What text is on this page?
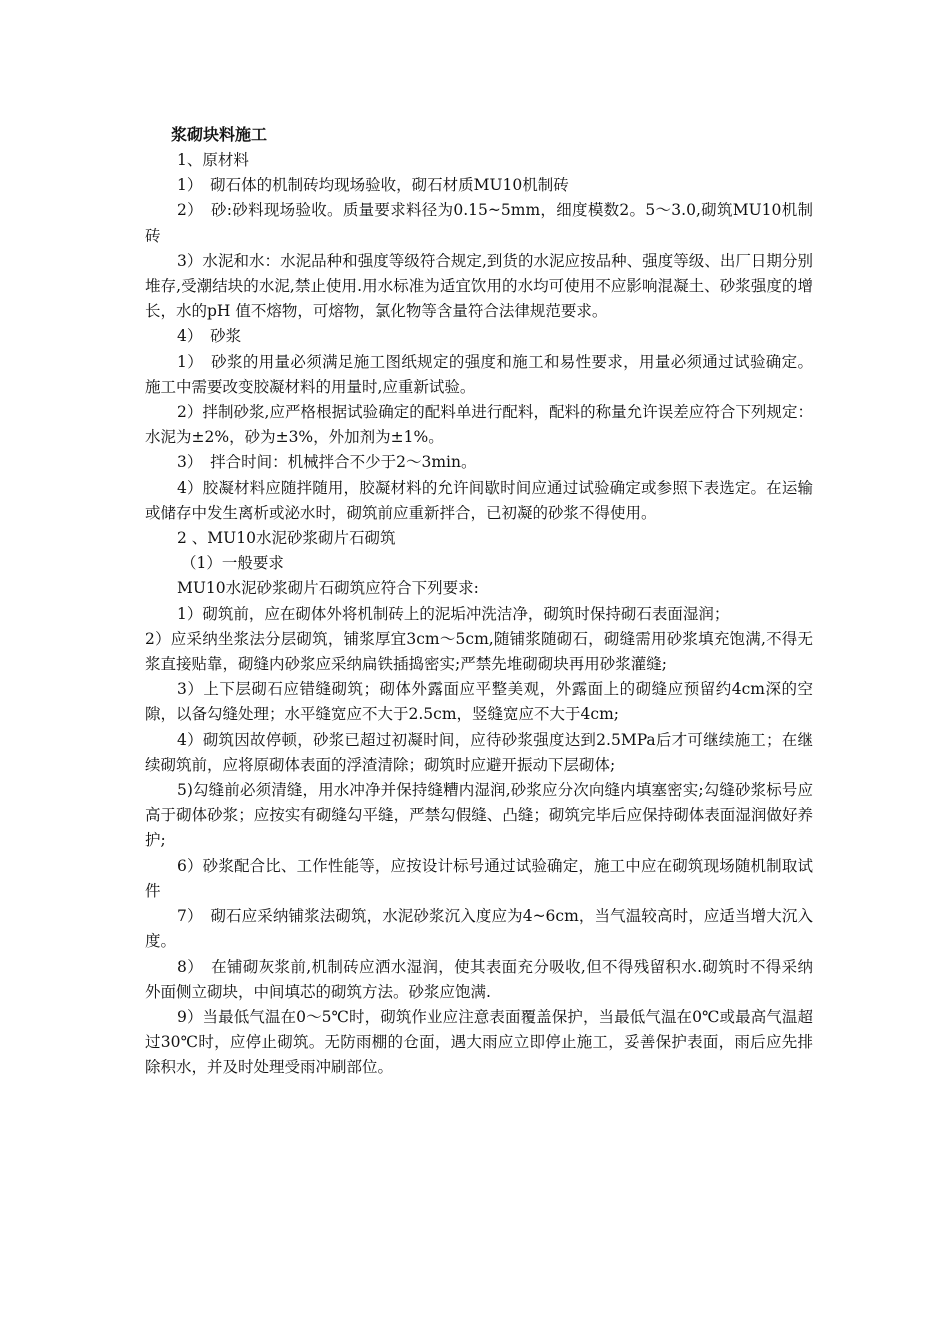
浆砌块料施工

1、原材料

1）　砌石体的机制砖均现场验收，砌石材质MU10机制砖

2）　砂:砂料现场验收。质量要求料径为0.15~5mm，细度模数2。5～3.0,砌筑MU10机制砖

3）水泥和水：水泥品种和强度等级符合规定,到货的水泥应按品种、强度等级、出厂日期分别堆存,受潮结块的水泥,禁止使用.用水标准为适宜饮用的水均可使用不应影响混凝土、砂浆强度的增长，水的pH 值不熔物，可熔物，氯化物等含量符合法律规范要求。

4）　砂浆

1）　砂浆的用量必须满足施工图纸规定的强度和施工和易性要求，用量必须通过试验确定。施工中需要改变胶凝材料的用量时,应重新试验。

2）拌制砂浆,应严格根据试验确定的配料单进行配料，配料的称量允许误差应符合下列规定：水泥为±2%，砂为±3%，外加剂为±1%。

3）　拌合时间：机械拌合不少于2～3min。

4）胶凝材料应随拌随用，胶凝材料的允许间歇时间应通过试验确定或参照下表选定。在运输或储存中发生离析或泌水时，砌筑前应重新拌合，已初凝的砂浆不得使用。

2 、MU10水泥砂浆砌片石砌筑

（1）一般要求

MU10水泥砂浆砌片石砌筑应符合下列要求:

1）砌筑前，应在砌体外将机制砖上的泥垢冲洗洁净，砌筑时保持砌石表面湿润；

2）应采纳坐浆法分层砌筑，铺浆厚宜3cm～5cm,随铺浆随砌石，砌缝需用砂浆填充饱满,不得无浆直接贴靠，砌缝内砂浆应采纳扁铁插捣密实;严禁先堆砌砌块再用砂浆灌缝;

3）上下层砌石应错缝砌筑；砌体外露面应平整美观，外露面上的砌缝应预留约4cm深的空隙，以备勾缝处理；水平缝宽应不大于2.5cm，竖缝宽应不大于4cm;

4）砌筑因故停顿，砂浆已超过初凝时间，应待砂浆强度达到2.5MPa后才可继续施工；在继续砌筑前，应将原砌体表面的浮渣清除；砌筑时应避开振动下层砌体;

5)勾缝前必须清缝，用水冲净并保持缝糟内湿润,砂浆应分次向缝内填塞密实;勾缝砂浆标号应高于砌体砂浆；应按实有砌缝勾平缝，严禁勾假缝、凸缝；砌筑完毕后应保持砌体表面湿润做好养护;

6）砂浆配合比、工作性能等，应按设计标号通过试验确定，施工中应在砌筑现场随机制取试件

7）　砌石应采纳铺浆法砌筑，水泥砂浆沉入度应为4~6cm，当气温较高时，应适当增大沉入度。

8）　在铺砌灰浆前,机制砖应洒水湿润，使其表面充分吸收,但不得残留积水.砌筑时不得采纳外面侧立砌块，中间填芯的砌筑方法。砂浆应饱满.

9）当最低气温在0～5℃时，砌筑作业应注意表面覆盖保护，当最低气温在0℃或最高气温超过30℃时，应停止砌筑。无防雨棚的仓面，遇大雨应立即停止施工，妥善保护表面，雨后应先排除积水，并及时处理受雨冲刷部位。
